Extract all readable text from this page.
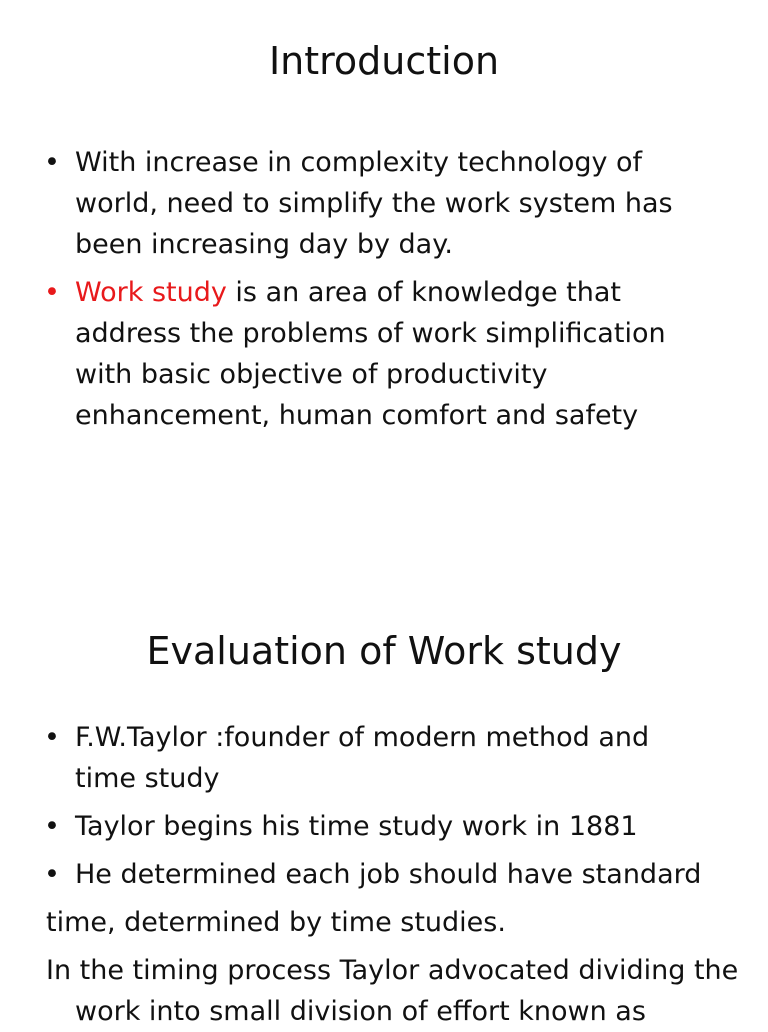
Introduction
• With increase in complexity technology of
world, need to simplify the work system has
been increasing day by day.
• Work study is an area of knowledge that
address the problems of work simplification
with basic objective of productivity
enhancement, human comfort and safety
Evaluation of Work study
• F.W.Taylor :founder of modern method and
time study
• Taylor begins his time study work in 1881
• He determined each job should have standard

time, determined by time studies.

In the timing process Taylor advocated dividing the work into small division of effort known as
